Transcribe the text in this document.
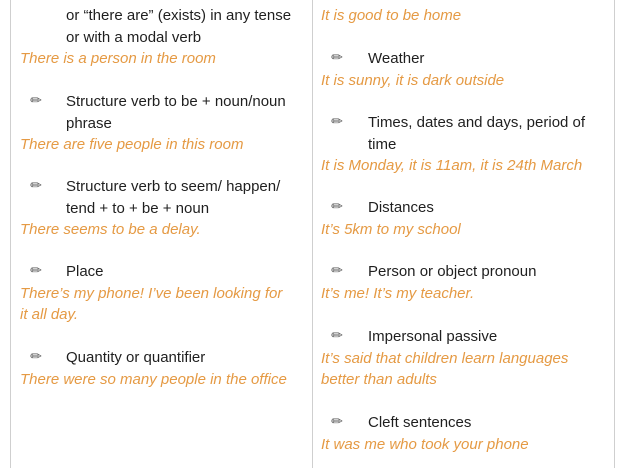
or “there are” (exists) in any tense
or with a modal verb
There is a person in the room
✏ Structure verb to be + noun/noun
phrase
There are five people in this room
✏ Structure verb to seem/ happen/
tend + to + be + noun
There seems to be a delay.
✏ Place
There’s my phone! I’ve been looking for
it all day.
✏ Quantity or quantifier
There were so many people in the office
It is good to be home
✏ Weather
It is sunny, it is dark outside
✏ Times, dates and days, period of
time
It is Monday, it is 11am, it is 24th March
✏ Distances
It’s 5km to my school
✏ Person or object pronoun
It’s me! It’s my teacher.
✏ Impersonal passive
It’s said that children learn languages
better than adults
✏ Cleft sentences
It was me who took your phone
